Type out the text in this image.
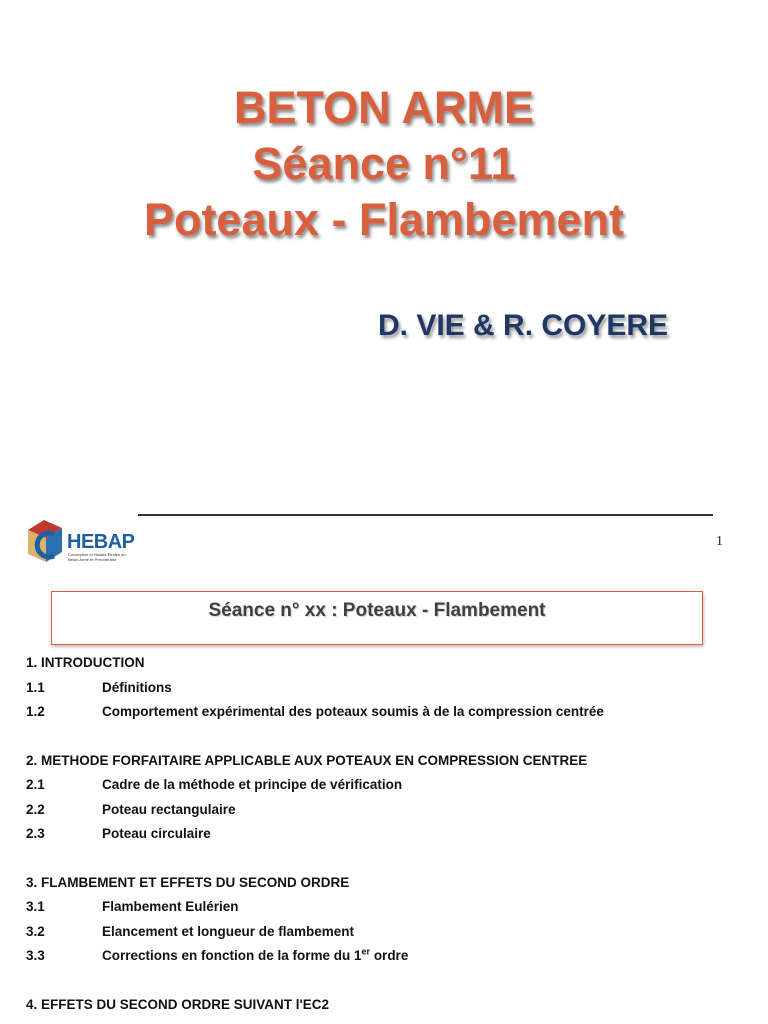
BETON ARME
Séance n°11
Poteaux - Flambement
D. VIE & R. COYERE
HEBAP
Conception et Hautes Études du Béton Armé et Précontraint
1
Séance n° xx : Poteaux - Flambement
1. INTRODUCTION
1.1	Définitions
1.2	Comportement expérimental des poteaux soumis à de la compression centrée
2. METHODE FORFAITAIRE APPLICABLE AUX POTEAUX EN COMPRESSION CENTREE
2.1	Cadre de la méthode et principe de vérification
2.2	Poteau rectangulaire
2.3	Poteau circulaire
3. FLAMBEMENT ET EFFETS DU SECOND ORDRE
3.1	Flambement Eulérien
3.2	Elancement et longueur de flambement
3.3	Corrections en fonction de la forme du 1er ordre
4. EFFETS DU SECOND ORDRE SUIVANT l'EC2
